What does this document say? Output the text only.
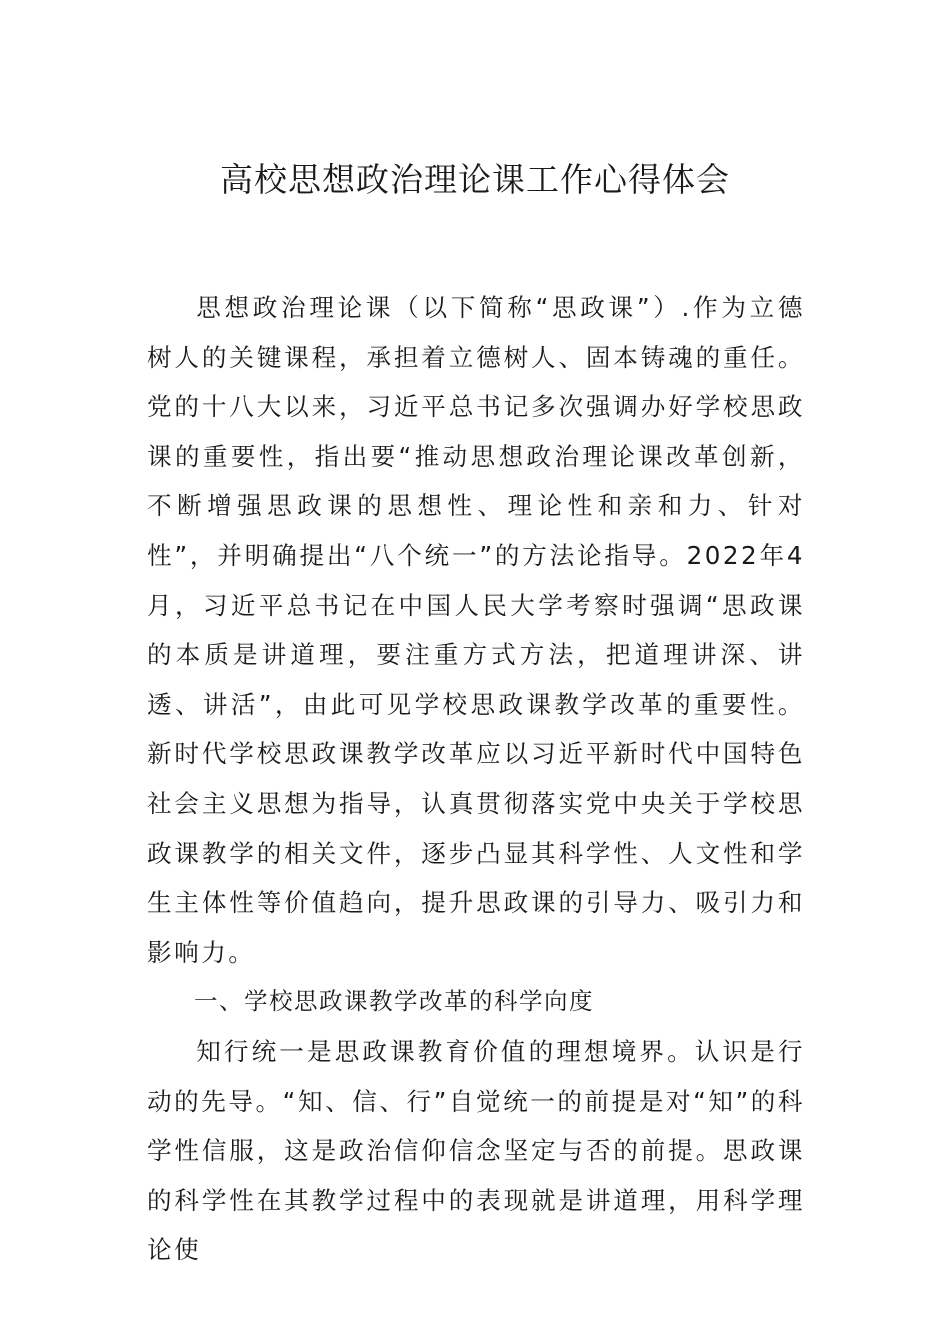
高校思想政治理论课工作心得体会

思想政治理论课（以下简称“思政课”）.作为立德树人的关键课程，承担着立德树人、固本铸魂的重任。党的十八大以来，习近平总书记多次强调办好学校思政课的重要性，指出要“推动思想政治理论课改革创新，不断增强思政课的思想性、理论性和亲和力、针对性”，并明确提出“八个统一”的方法论指导。2022年4月，习近平总书记在中国人民大学考察时强调“思政课的本质是讲道理，要注重方式方法，把道理讲深、讲透、讲活”，由此可见学校思政课教学改革的重要性。新时代学校思政课教学改革应以习近平新时代中国特色社会主义思想为指导，认真贯彻落实党中央关于学校思政课教学的相关文件，逐步凸显其科学性、人文性和学生主体性等价值趋向，提升思政课的引导力、吸引力和影响力。

一、学校思政课教学改革的科学向度

知行统一是思政课教育价值的理想境界。认识是行动的先导。“知、信、行”自觉统一的前提是对“知”的科学性信服，这是政治信仰信念坚定与否的前提。思政课的科学性在其教学过程中的表现就是讲道理，用科学理论使
